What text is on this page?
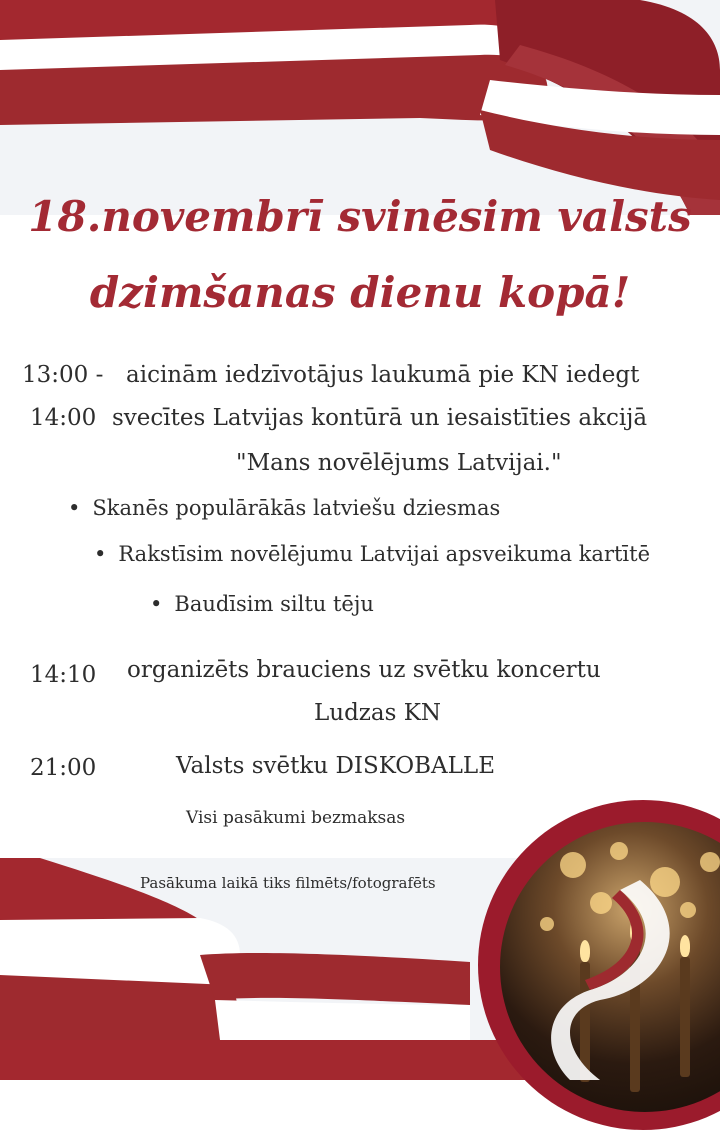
18.novembrī svinēsim valsts
dzimšanas dienu kopā!

13:00 - aicinām iedzīvotājus laukumā pie KN iedegt

14:00 svecītes Latvijas kontūrā un iesaistīties akcijā

"Mans novēlējums Latvijai."

• Skanēs populārākās latviešu dziesmas
• Rakstīsim novēlējumu Latvijai apsveikuma kartītē
• Baudīsim siltu tēju

14:10 organizēts brauciens uz svētku koncertu

Ludzas KN

21:00	Valsts svētku DISKOBALLE

Visi pasākumi bezmaksas
Pasākuma laikā tiks filmēts/fotografēts
